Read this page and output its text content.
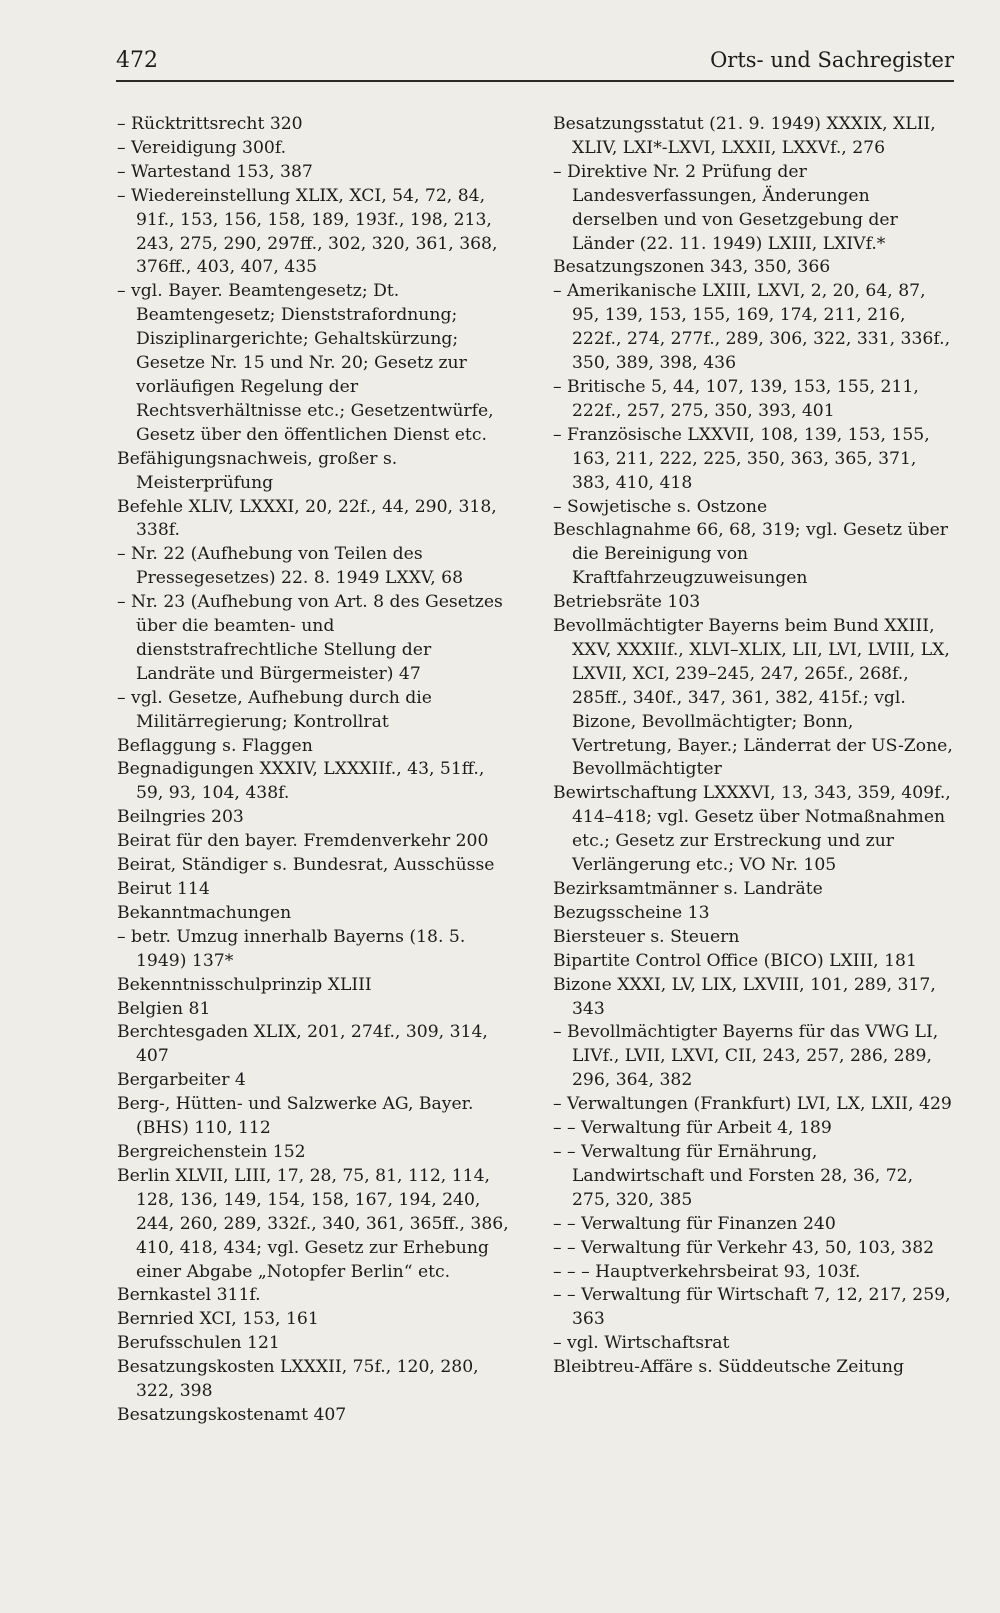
472	Orts- und Sachregister

– Rücktrittsrecht 320

– Vereidigung 300f.

– Wartestand 153, 387

– Wiedereinstellung XLIX, XCI, 54, 72, 84, 91f., 153, 156, 158, 189, 193f., 198, 213, 243, 275, 290, 297ff., 302, 320, 361, 368, 376ff., 403, 407, 435

– vgl. Bayer. Beamtengesetz; Dt. Beamtengesetz; Dienststrafordnung; Disziplinargerichte; Gehaltskürzung; Gesetze Nr. 15 und Nr. 20; Gesetz zur vorläufigen Regelung der Rechtsverhältnisse etc.; Gesetzentwürfe, Gesetz über den öffentlichen Dienst etc.

Befähigungsnachweis, großer s. Meisterprüfung

Befehle XLIV, LXXXI, 20, 22f., 44, 290, 318, 338f.

– Nr. 22 (Aufhebung von Teilen des Pressegesetzes) 22. 8. 1949 LXXV, 68

– Nr. 23 (Aufhebung von Art. 8 des Gesetzes über die beamten- und dienststrafrechtliche Stellung der Landräte und Bürgermeister) 47

– vgl. Gesetze, Aufhebung durch die Militärregierung; Kontrollrat

Beflaggung s. Flaggen

Begnadigungen XXXIV, LXXXIIf., 43, 51ff., 59, 93, 104, 438f.

Beilngries 203

Beirat für den bayer. Fremdenverkehr 200

Beirat, Ständiger s. Bundesrat, Ausschüsse

Beirut 114

Bekanntmachungen

– betr. Umzug innerhalb Bayerns (18. 5. 1949) 137*

Bekenntnisschulprinzip XLIII

Belgien 81

Berchtesgaden XLIX, 201, 274f., 309, 314, 407

Bergarbeiter 4

Berg-, Hütten- und Salzwerke AG, Bayer. (BHS) 110, 112

Bergreichenstein 152

Berlin XLVII, LIII, 17, 28, 75, 81, 112, 114, 128, 136, 149, 154, 158, 167, 194, 240, 244, 260, 289, 332f., 340, 361, 365ff., 386, 410, 418, 434; vgl. Gesetz zur Erhebung einer Abgabe „Notopfer Berlin“ etc.

Bernkastel 311f.

Bernried XCI, 153, 161

Berufsschulen 121

Besatzungskosten LXXXII, 75f., 120, 280, 322, 398

Besatzungskostenamt 407

Besatzungsstatut (21. 9. 1949) XXXIX, XLII, XLIV, LXI*-LXVI, LXXII, LXXVf., 276

– Direktive Nr. 2 Prüfung der Landesverfassungen, Änderungen derselben und von Gesetzgebung der Länder (22. 11. 1949) LXIII, LXIVf.*

Besatzungszonen 343, 350, 366

– Amerikanische LXIII, LXVI, 2, 20, 64, 87, 95, 139, 153, 155, 169, 174, 211, 216, 222f., 274, 277f., 289, 306, 322, 331, 336f., 350, 389, 398, 436

– Britische 5, 44, 107, 139, 153, 155, 211, 222f., 257, 275, 350, 393, 401

– Französische LXXVII, 108, 139, 153, 155, 163, 211, 222, 225, 350, 363, 365, 371, 383, 410, 418

– Sowjetische s. Ostzone

Beschlagnahme 66, 68, 319; vgl. Gesetz über die Bereinigung von Kraftfahrzeugzuweisungen

Betriebsräte 103

Bevollmächtigter Bayerns beim Bund XXIII, XXV, XXXIIf., XLVI–XLIX, LII, LVI, LVIII, LX, LXVII, XCI, 239–245, 247, 265f., 268f., 285ff., 340f., 347, 361, 382, 415f.; vgl. Bizone, Bevollmächtigter; Bonn, Vertretung, Bayer.; Länderrat der US-Zone, Bevollmächtigter

Bewirtschaftung LXXXVI, 13, 343, 359, 409f., 414–418; vgl. Gesetz über Notmaßnahmen etc.; Gesetz zur Erstreckung und zur Verlängerung etc.; VO Nr. 105

Bezirksamtmänner s. Landräte

Bezugsscheine 13

Biersteuer s. Steuern

Bipartite Control Office (BICO) LXIII, 181

Bizone XXXI, LV, LIX, LXVIII, 101, 289, 317, 343

– Bevollmächtigter Bayerns für das VWG LI, LIVf., LVII, LXVI, CII, 243, 257, 286, 289, 296, 364, 382

– Verwaltungen (Frankfurt) LVI, LX, LXII, 429

– – Verwaltung für Arbeit 4, 189

– – Verwaltung für Ernährung, Landwirtschaft und Forsten 28, 36, 72, 275, 320, 385

– – Verwaltung für Finanzen 240

– – Verwaltung für Verkehr 43, 50, 103, 382

– – – Hauptverkehrsbeirat 93, 103f.

– – Verwaltung für Wirtschaft 7, 12, 217, 259, 363

– vgl. Wirtschaftsrat

Bleibtreu-Affäre s. Süddeutsche Zeitung
